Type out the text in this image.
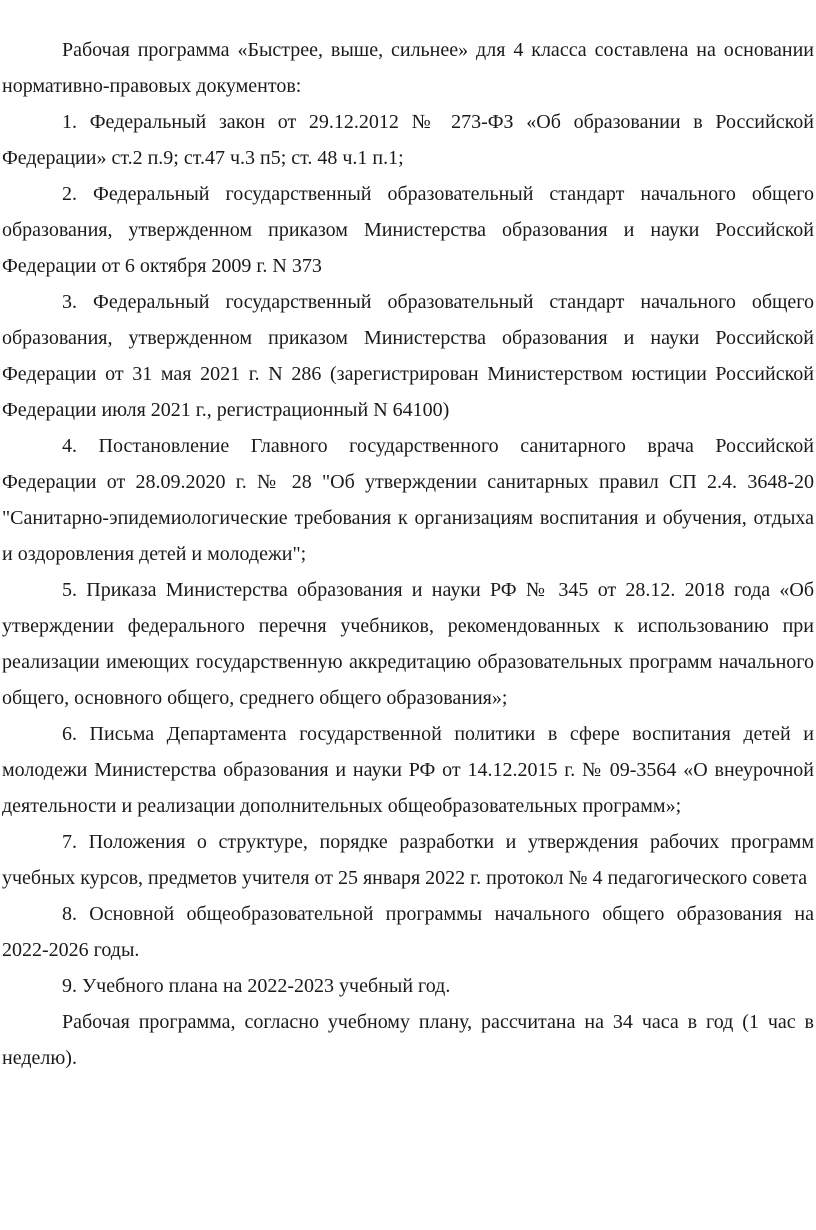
Рабочая программа «Быстрее, выше, сильнее» для 4 класса составлена на основании нормативно-правовых документов:

1. Федеральный закон от 29.12.2012 № 273-ФЗ «Об образовании в Российской Федерации» ст.2 п.9; ст.47 ч.3 п5; ст. 48 ч.1 п.1;

2. Федеральный государственный образовательный стандарт начального общего образования, утвержденном приказом Министерства образования и науки Российской Федерации от 6 октября 2009 г. N 373

3. Федеральный государственный образовательный стандарт начального общего образования, утвержденном приказом Министерства образования и науки Российской Федерации от 31 мая 2021 г. N 286 (зарегистрирован Министерством юстиции Российской Федерации июля 2021 г., регистрационный N 64100)

4. Постановление Главного государственного санитарного врача Российской Федерации от 28.09.2020 г. № 28 "Об утверждении санитарных правил СП 2.4. 3648-20 "Санитарно-эпидемиологические требования к организациям воспитания и обучения, отдыха и оздоровления детей и молодежи";

5. Приказа Министерства образования и науки РФ № 345 от 28.12. 2018 года «Об утверждении федерального перечня учебников, рекомендованных к использованию при реализации имеющих государственную аккредитацию образовательных программ начального общего, основного общего, среднего общего образования»;

6. Письма Департамента государственной политики в сфере воспитания детей и молодежи Министерства образования и науки РФ от 14.12.2015 г. № 09-3564 «О внеурочной деятельности и реализации дополнительных общеобразовательных программ»;

7. Положения о структуре, порядке разработки и утверждения рабочих программ учебных курсов, предметов учителя от 25 января 2022 г. протокол № 4 педагогического совета

8. Основной общеобразовательной программы начального общего образования на 2022-2026 годы.

9. Учебного плана на 2022-2023 учебный год.

Рабочая программа, согласно учебному плану, рассчитана на 34 часа в год (1 час в неделю).
